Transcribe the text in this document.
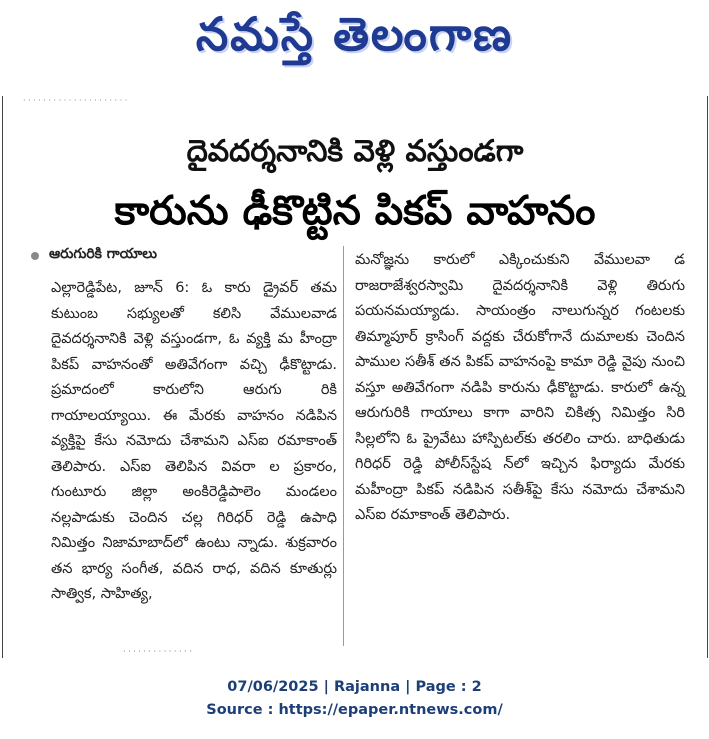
నమస్తే తెలంగాణ
· · · · · · · · · · · · · · · · · · · · ·
దైవదర్శనానికి వెళ్లి వస్తుండగా
కారును ఢీకొట్టిన పికప్ వాహనం
ఆరుగురికి గాయాలు

ఎల్లారెడ్డిపేట, జూన్ 6: ఓ కారు డ్రైవర్ తమ కుటుంబ సభ్యులతో కలిసి వేములవాడ దైవదర్శనానికి వెళ్లి వస్తుండగా, ఓ వ్యక్తి మ హీంద్రా పికప్ వాహనంతో అతివేగంగా వచ్చి ఢీకొట్టాడు. ప్రమాదంలో కారులోని ఆరుగు రికి గాయాలయ్యాయి. ఈ మేరకు వాహనం నడిపిన వ్యక్తిపై కేసు నమోదు చేశామని ఎస్ఐ రమాకాంత్ తెలిపారు. ఎస్ఐ తెలిపిన వివరా ల ప్రకారం, గుంటూరు జిల్లా అంకిరెడ్డిపాలెం మండలం నల్లపాడుకు చెందిన చల్ల గిరిధర్ రెడ్డి ఉపాధి నిమిత్తం నిజామాబాద్‌లో ఉంటు న్నాడు. శుక్రవారం తన భార్య సంగీత, వదిన రాధ, వదిన కూతుర్లు సాత్విక, సాహిత్య,

మనోజ్ఞను కారులో ఎక్కించుకుని వేములవా డ రాజరాజేశ్వరస్వామి దైవదర్శనానికి వెళ్లి తిరుగు పయనమయ్యాడు. సాయంత్రం నాలుగున్నర గంటలకు తిమ్మాపూర్ క్రాసింగ్ వద్దకు చేరుకోగానే దుమాలకు చెందిన పాముల సతీశ్ తన పికప్ వాహనంపై కామా రెడ్డి వైపు నుంచి వస్తూ అతివేగంగా నడిపి కారును ఢీకొట్టాడు. కారులో ఉన్న ఆరుగురికి గాయాలు కాగా వారిని చికిత్స నిమిత్తం సిరి సిల్లలోని ఓ ప్రైవేటు హాస్పిటల్‌కు తరలిం చారు. బాధితుడు గిరిధర్ రెడ్డి పోలీస్‌స్టేష న్‌లో ఇచ్చిన ఫిర్యాదు మేరకు మహీంద్రా పికప్ నడిపిన సతీశ్‌పై కేసు నమోదు చేశామని ఎస్ఐ రమాకాంత్ తెలిపారు.

· · · · · · · · · · · · · ·
07/06/2025 | Rajanna | Page : 2
Source : https://epaper.ntnews.com/
